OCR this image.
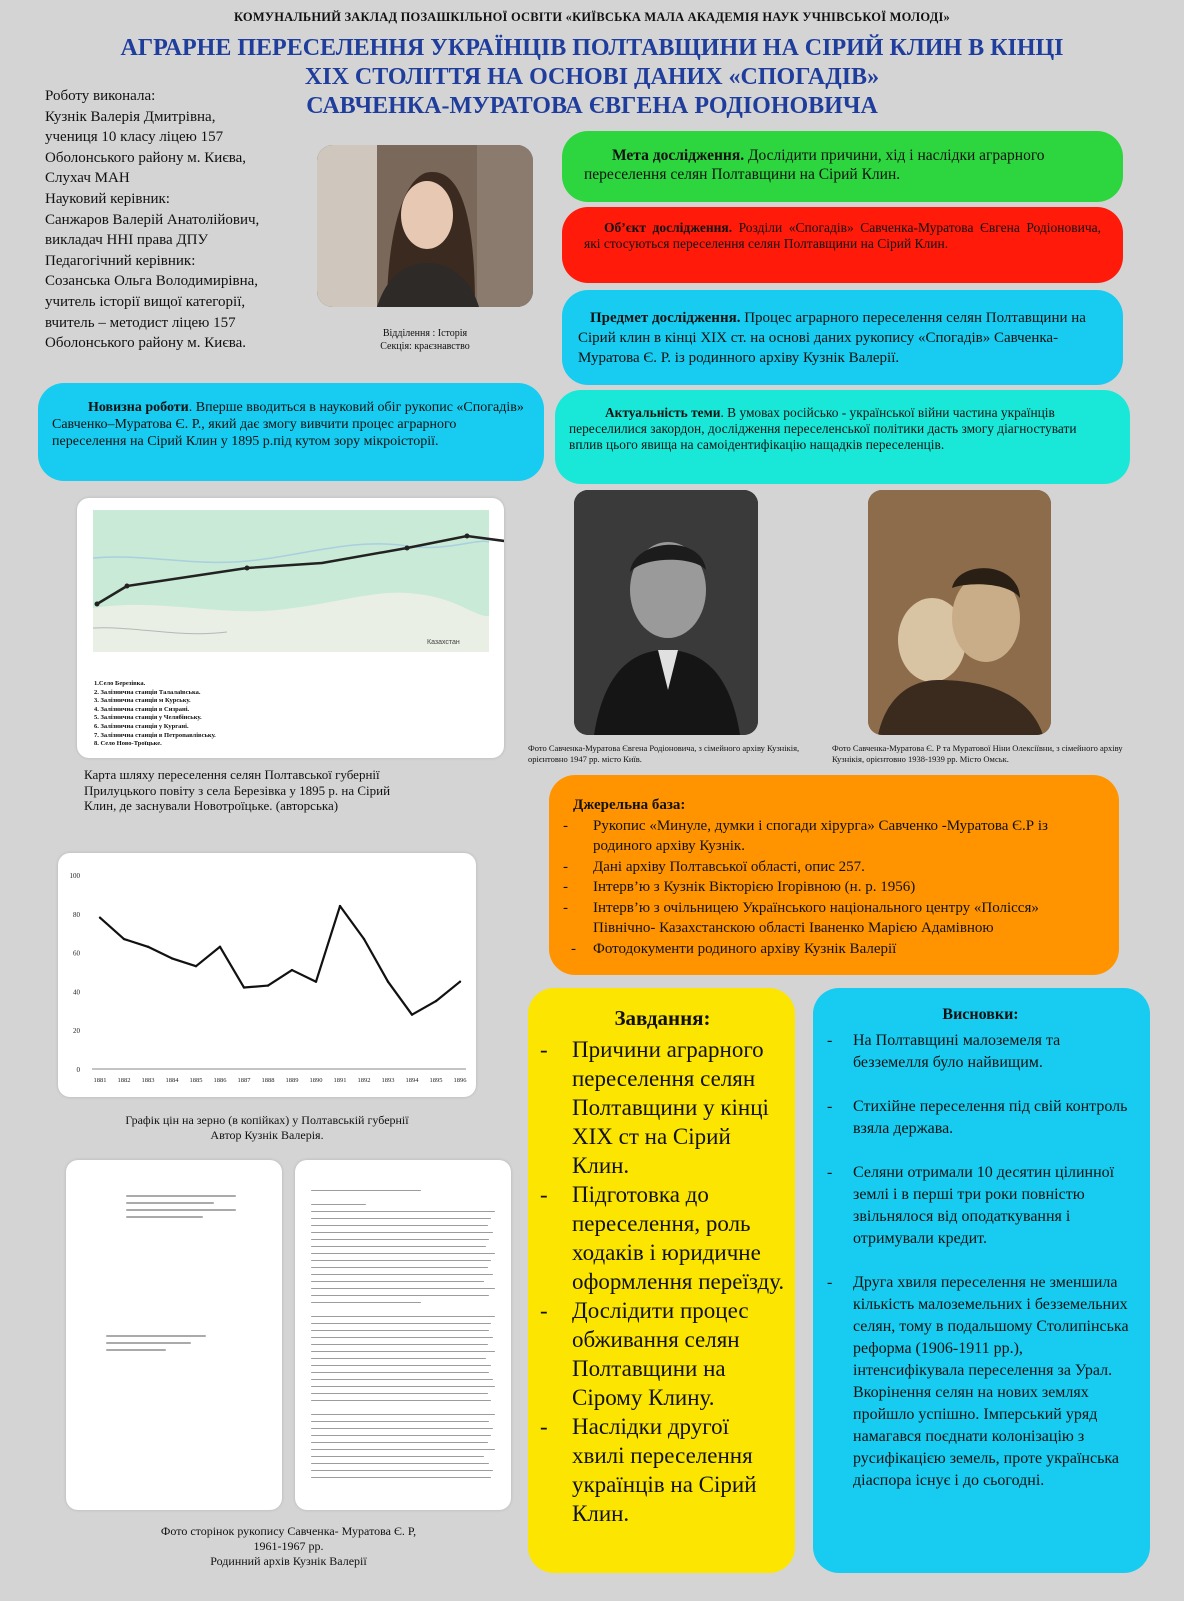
КОМУНАЛЬНИЙ ЗАКЛАД ПОЗАШКІЛЬНОЇ ОСВІТИ «КИЇВСЬКА МАЛА АКАДЕМІЯ НАУК УЧНІВСЬКОЇ МОЛОДІ»
АГРАРНЕ ПЕРЕСЕЛЕННЯ УКРАЇНЦІВ ПОЛТАВЩИНИ НА СІРИЙ КЛИН В КІНЦІ
ХІХ СТОЛІТТЯ НА ОСНОВІ ДАНИХ «СПОГАДІВ»
САВЧЕНКА-МУРАТОВА ЄВГЕНА РОДІОНОВИЧА
Роботу виконала:
Кузнік Валерія Дмитрівна,
учениця 10 класу ліцею 157
Оболонського району м. Києва,
Слухач МАН
Науковий керівник:
Санжаров Валерій Анатолійович,
викладач ННІ права ДПУ
Педагогічний керівник:
Созанська Ольга Володимирівна,
учитель історії вищої категорії,
вчитель – методист ліцею 157
Оболонського району м. Києва.
Відділення : Історія
Секція: краєзнавство
Мета дослідження. Дослідити причини, хід і наслідки аграрного переселення селян Полтавщини на Сірий Клин.
Об’єкт дослідження. Розділи «Спогадів» Савченка-Муратова Євгена Родіоновича, які стосуються переселення селян Полтавщини на Сірий Клин.
Предмет дослідження. Процес аграрного переселення селян Полтавщини на Сірий клин в кінці ХІХ ст. на основі даних рукопису «Спогадів» Савченка-Муратова Є. Р. із родинного архіву Кузнік Валерії.
Новизна роботи. Вперше вводиться в науковий обіг рукопис «Спогадів» Савченко–Муратова Є. Р., який дає змогу вивчити процес аграрного переселення на Сірий Клин у 1895 р.під кутом зору мікроісторії.
Актуальність теми. В умовах російсько - української війни частина українців переселилися закордон, дослідження переселенської політики дасть змогу діагностувати вплив цього явища на самоідентифікацію нащадків переселенців.
Казахстан
1.Село Березівка.
2. Залізнична станція Талалаївська.
3. Залізнична станція м Курську.
4. Залізнична станція в Сизрані.
5. Залізнична станція у Челябінську.
6. Залізнична станція у Кургані.
7. Залізнична станція в Петропавлівську.
8. Село Ново-Троїцьке.
Карта шляху переселення селян Полтавської губернії Прилуцького повіту з села Березівка у 1895 р. на Сірий Клин, де заснували Новотроїцьке. (авторська)
Фото Савченка-Муратова Євгена Родіоновича, з сімейного архіву Кузнікія, орієнтовно 1947 рр. місто Київ.
Фото Савченка-Муратова Є. Р та Муратової Ніни Олексіївни, з сімейного архіву Кузнікія, орієнтовно 1938-1939 рр. Місто Омськ.
Джерельна база:
-	Рукопис «Минуле, думки і спогади хірурга» Савченко -Муратова Є.Р із родиного архіву Кузнік.
-	Дані архіву Полтавської області, опис 257.
-	Інтерв’ю з Кузнік Вікторією Ігорівною (н. р. 1956)
-	Інтерв’ю з очільницею Українського національного центру «Полісся» Північно- Казахстанскою області Іваненко Марією Адамівною
-	Фотодокументи родиного архіву Кузнік Валерії
0
20
40
60
80
100
1881 1882 1883 1884 1885 1886 1887 1888 1889 1890 1891 1892 1893 1894 1895 1896
Графік цін на зерно (в копійках) у Полтавській губернії
Автор Кузнік Валерія.
Фото сторінок рукопису Савченка- Муратова Є. Р,
1961-1967 рр.
Родинний архів Кузнік Валерії
Завдання:
-	Причини аграрного переселення селян Полтавщини у кінці ХІХ ст на Сірий Клин.
-	Підготовка до переселення, роль ходаків і юридичне оформлення переїзду.
-	Дослідити процес обживання селян Полтавщини на Сірому Клину.
-	Наслідки другої хвилі переселення українців на Сірий Клин.
Висновки:
-	На Полтавщині малоземеля та безземелля було найвищим.
-	Стихійне переселення під свій контроль взяла держава.
-	Селяни отримали 10 десятин цілинної землі і в перші три роки повністю звільнялося від оподаткування і отримували кредит.
-	Друга хвиля переселення не зменшила кількість малоземельних і безземельних селян, тому в подальшому Столипінська реформа (1906-1911 рр.), інтенсифікувала переселення за Урал. Вкорінення селян на нових землях пройшло успішно. Імперський уряд намагався поєднати колонізацію з русифікацією земель, проте українська діаспора існує і до сьогодні.
